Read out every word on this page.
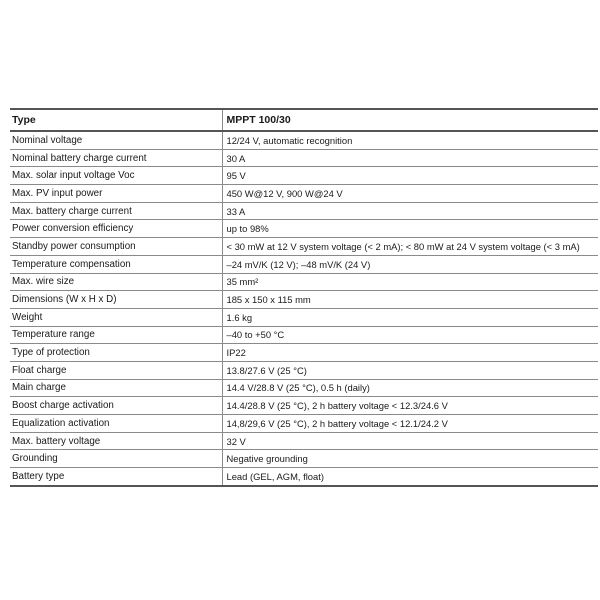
Type	MPPT 100/30
Nominal voltage	12/24 V, automatic recognition
Nominal battery charge current	30 A
Max. solar input voltage Voc	95 V
Max. PV input power	450 W@12 V, 900 W@24 V
Max. battery charge current	33 A
Power conversion efficiency	up to 98%
Standby power consumption	< 30 mW at 12 V system voltage (< 2 mA); < 80 mW at 24 V system voltage (< 3 mA)
Temperature compensation	–24 mV/K (12 V); –48 mV/K (24 V)
Max. wire size	35 mm²
Dimensions (W x H x D)	185 x 150 x 115 mm
Weight	1.6 kg
Temperature range	–40 to +50 °C
Type of protection	IP22
Float charge	13.8/27.6 V (25 °C)
Main charge	14.4 V/28.8 V (25 °C), 0.5 h (daily)
Boost charge activation	14.4/28.8 V (25 °C), 2 h battery voltage < 12.3/24.6 V
Equalization activation	14,8/29,6 V (25 °C), 2 h battery voltage < 12.1/24.2 V
Max. battery voltage	32 V
Grounding	Negative grounding
Battery type	Lead (GEL, AGM, float)
